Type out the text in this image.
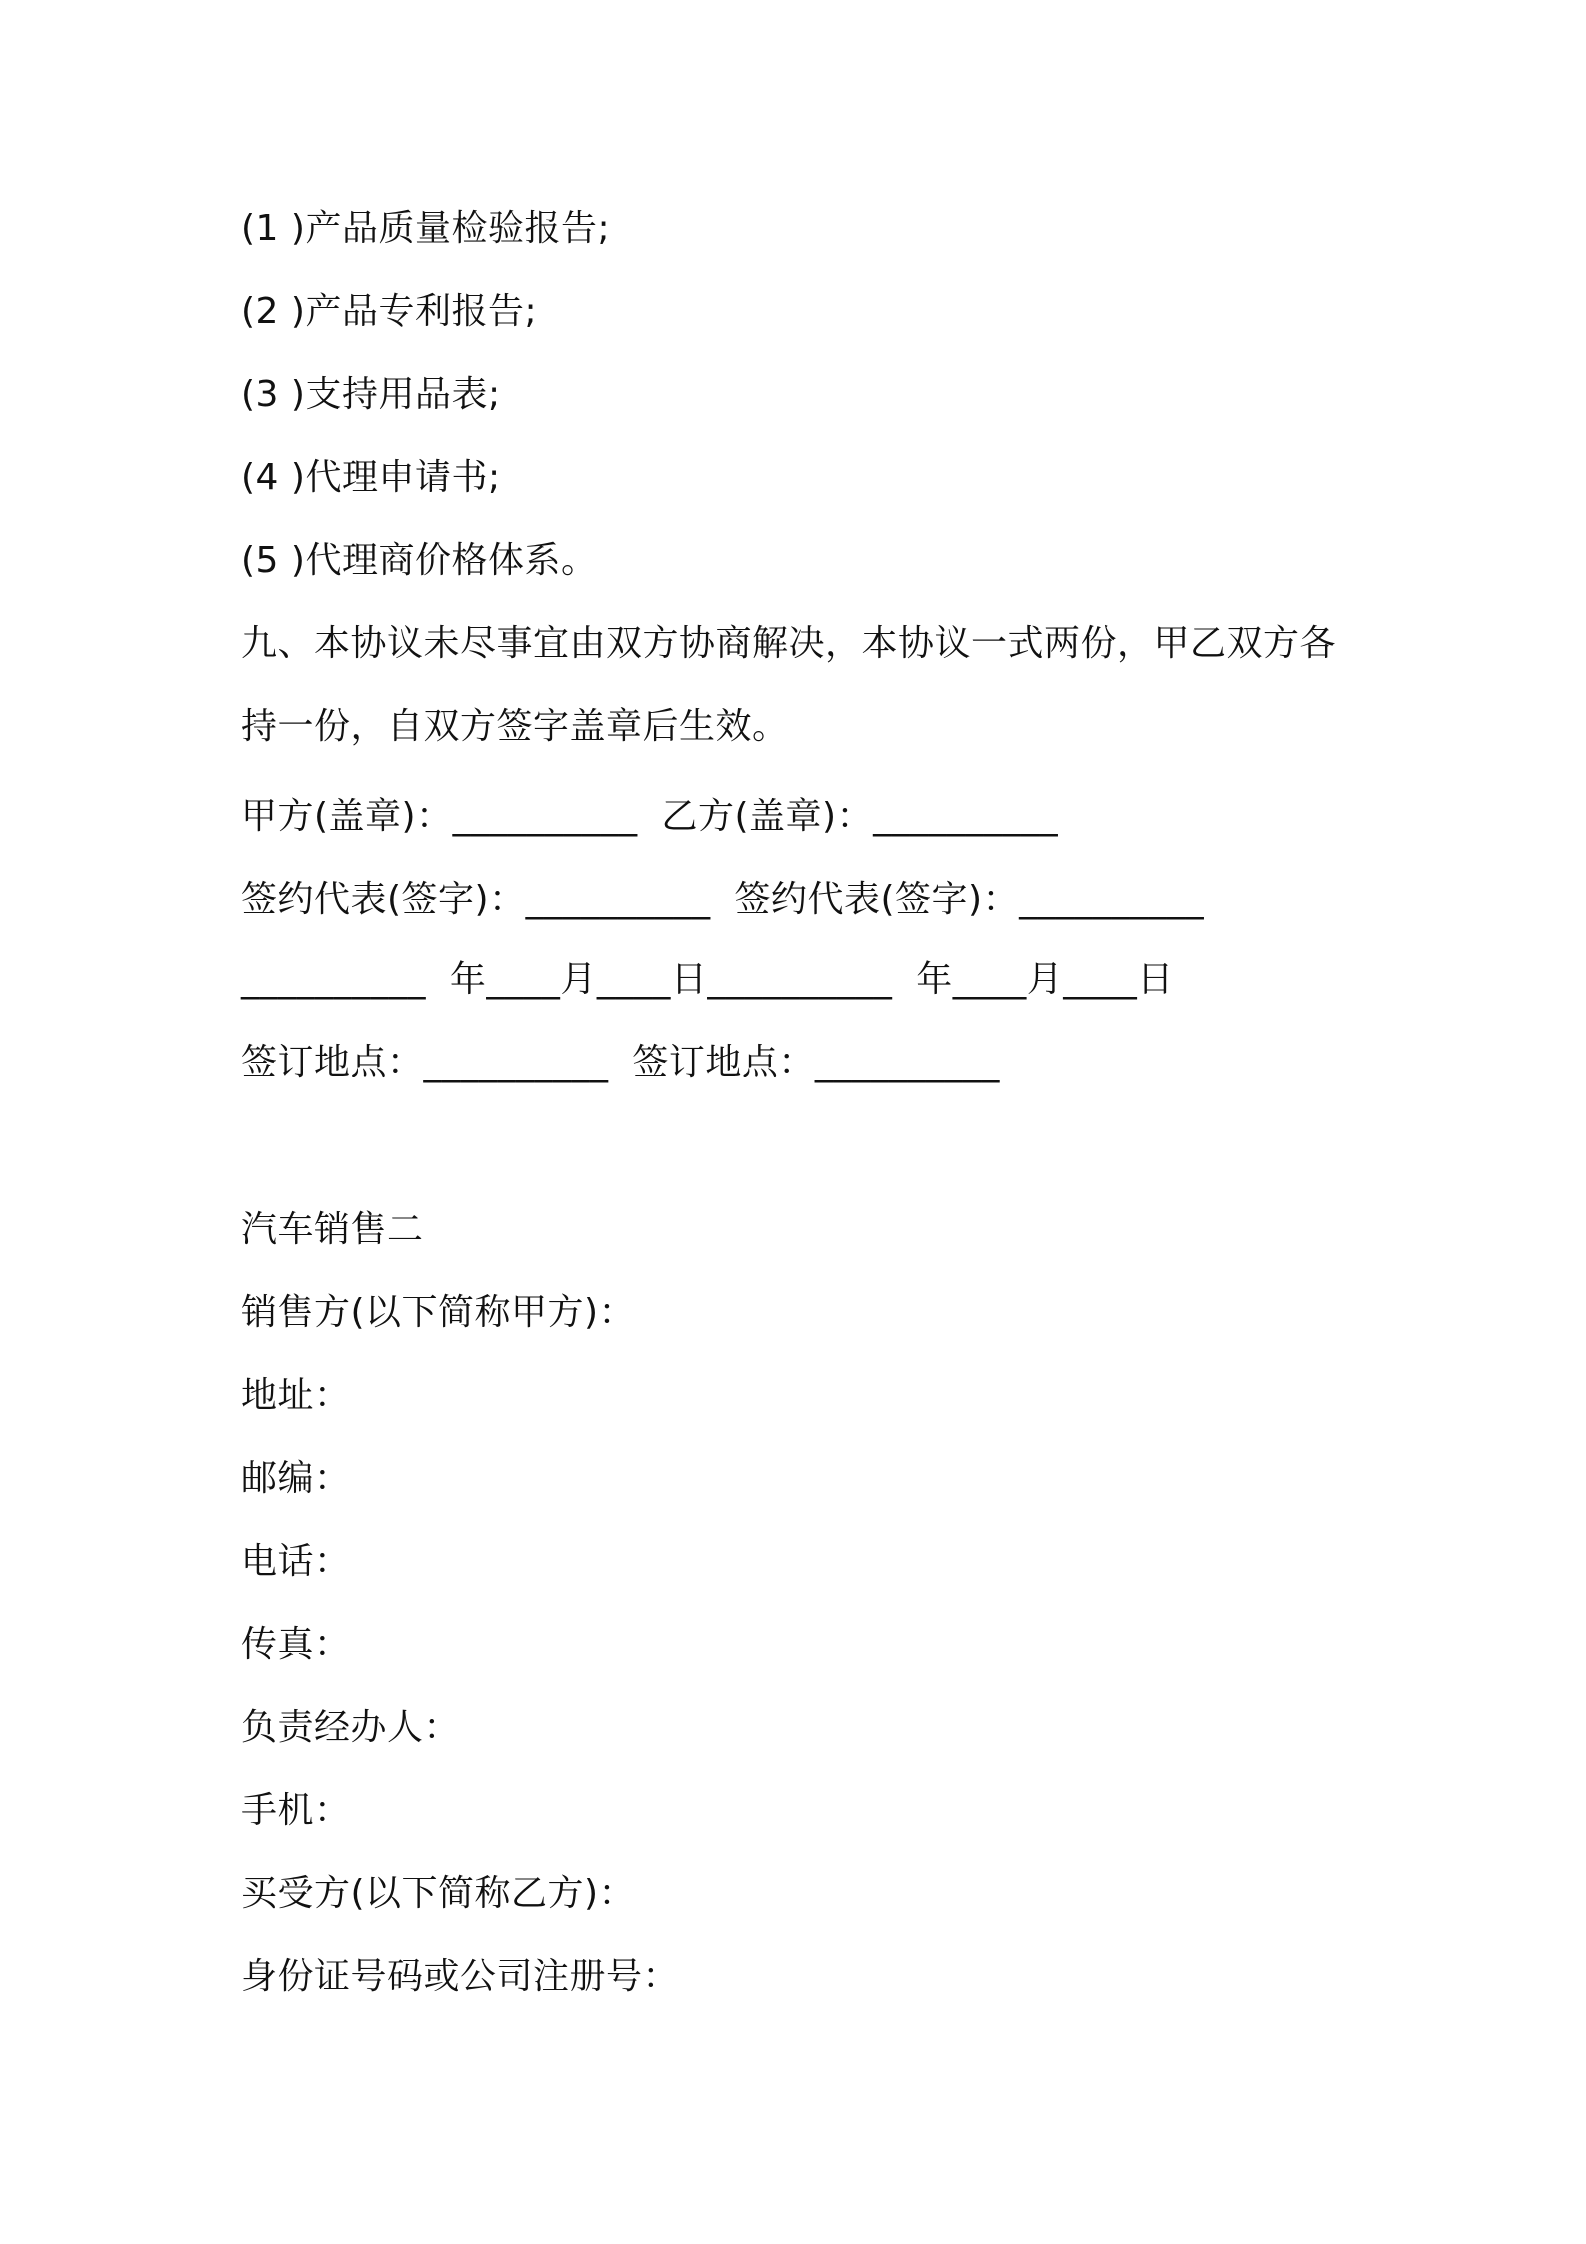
(1 )产品质量检验报告;

(2 )产品专利报告;

(3 )支持用品表;

(4 )代理申请书;

(5 )代理商价格体系。

九、本协议未尽事宜由双方协商解决，本协议一式两份，甲乙双方各

持一份，自双方签字盖章后生效。

甲方(盖章)：__________  乙方(盖章)：__________

签约代表(签字)：__________  签约代表(签字)：__________

__________  年____月____日__________  年____月____日

签订地点：__________  签订地点：__________

汽车销售二

销售方(以下简称甲方)：

地址：

邮编：

电话：

传真：

负责经办人：

手机：

买受方(以下简称乙方)：

身份证号码或公司注册号：
